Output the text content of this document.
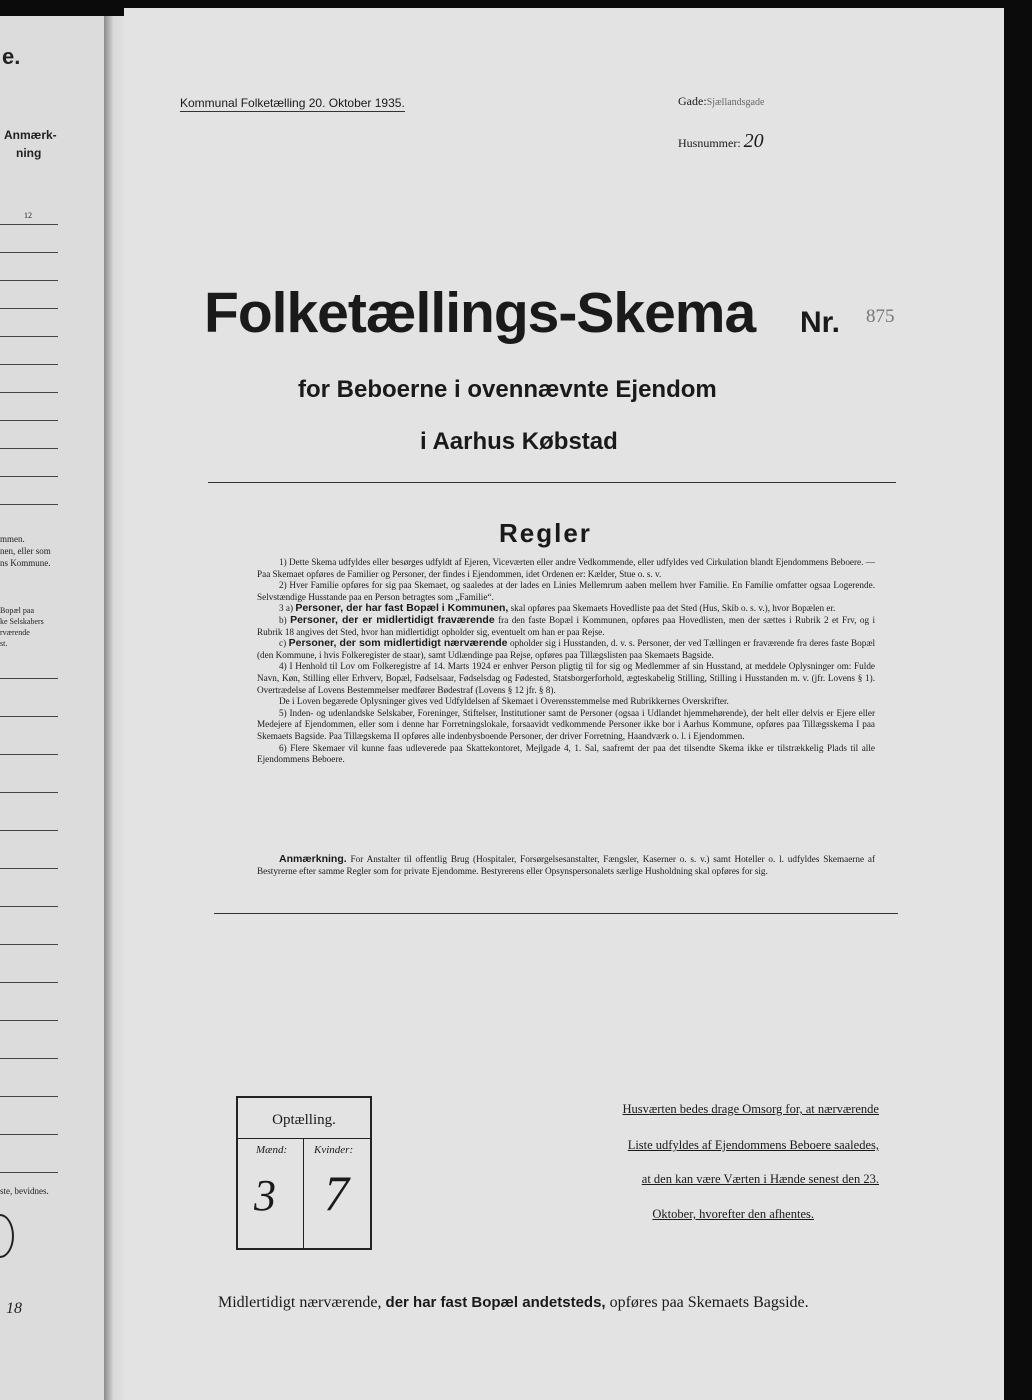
e.
Anmærk-
ning
12
mmen.
nen, eller som
ns Kommune.
Bopæl paa
ke Selskabers
rværende
st.
ste, bevidnes.
18
Kommunal Folketælling 20. Oktober 1935.	Gade:Sjællandsgade
Husnummer: 20
Folketællings-Skema Nr. 875
for Beboerne i ovennævnte Ejendom
i Aarhus Købstad
Regler

1) Dette Skema udfyldes eller besørges udfyldt af Ejeren, Viceværten eller andre Vedkommende, eller udfyldes ved Cirkulation blandt Ejendommens Beboere. — Paa Skemaet opføres de Familier og Personer, der findes i Ejendommen, idet Ordenen er: Kælder, Stue o. s. v.

2) Hver Familie opføres for sig paa Skemaet, og saaledes at der lades en Linies Mellemrum aaben mellem hver Familie. En Familie omfatter ogsaa Logerende. Selvstændige Husstande paa en Person betragtes som „Familie“.

3 a) Personer, der har fast Bopæl i Kommunen, skal opføres paa Skemaets Hovedliste paa det Sted (Hus, Skib o. s. v.), hvor Bopælen er.

b) Personer, der er midlertidigt fraværende fra den faste Bopæl i Kommunen, opføres paa Hovedlisten, men der sættes i Rubrik 2 et Frv, og i Rubrik 18 angives det Sted, hvor han midlertidigt opholder sig, eventuelt om han er paa Rejse.

c) Personer, der som midlertidigt nærværende opholder sig i Husstanden, d. v. s. Personer, der ved Tællingen er fraværende fra deres faste Bopæl (den Kommune, i hvis Folkeregister de staar), samt Udlændinge paa Rejse, opføres paa Tillægslisten paa Skemaets Bagside.

4) I Henhold til Lov om Folkeregistre af 14. Marts 1924 er enhver Person pligtig til for sig og Medlemmer af sin Husstand, at meddele Oplysninger om: Fulde Navn, Køn, Stilling eller Erhverv, Bopæl, Fødselsaar, Fødselsdag og Fødested, Statsborgerforhold, ægteskabelig Stilling, Stilling i Husstanden m. v. (jfr. Lovens § 1). Overtrædelse af Lovens Bestemmelser medfører Bødestraf (Lovens § 12 jfr. § 8).

De i Loven begærede Oplysninger gives ved Udfyldelsen af Skemaet i Overensstemmelse med Rubrikkernes Overskrifter.

5) Inden- og udenlandske Selskaber, Foreninger, Stiftelser, Institutioner samt de Personer (ogsaa i Udlandet hjemmehørende), der helt eller delvis er Ejere eller Medejere af Ejendommen, eller som i denne har Forretningslokale, forsaavidt vedkommende Personer ikke bor i Aarhus Kommune, opføres paa Tillægsskema I paa Skemaets Bagside. Paa Tillægskema II opføres alle indenbysboende Personer, der driver Forretning, Haandværk o. l. i Ejendommen.

6) Flere Skemaer vil kunne faas udleverede paa Skattekontoret, Mejlgade 4, 1. Sal, saafremt der paa det tilsendte Skema ikke er tilstrækkelig Plads til alle Ejendommens Beboere.

Anmærkning. For Anstalter til offentlig Brug (Hospitaler, Forsørgelsesanstalter, Fængsler, Kaserner o. s. v.) samt Hoteller o. l. udfyldes Skemaerne af Bestyrerne efter samme Regler som for private Ejendomme. Bestyrerens eller Opsynspersonalets særlige Husholdning skal opføres for sig.

Optælling.
Mænd: Kvinder:
3 7
Husværten bedes drage Omsorg for, at nærværende
Liste udfyldes af Ejendommens Beboere saaledes,
at den kan være Værten i Hænde senest den 23.
Oktober, hvorefter den afhentes.
Midlertidigt nærværende, der har fast Bopæl andetsteds, opføres paa Skemaets Bagside.
